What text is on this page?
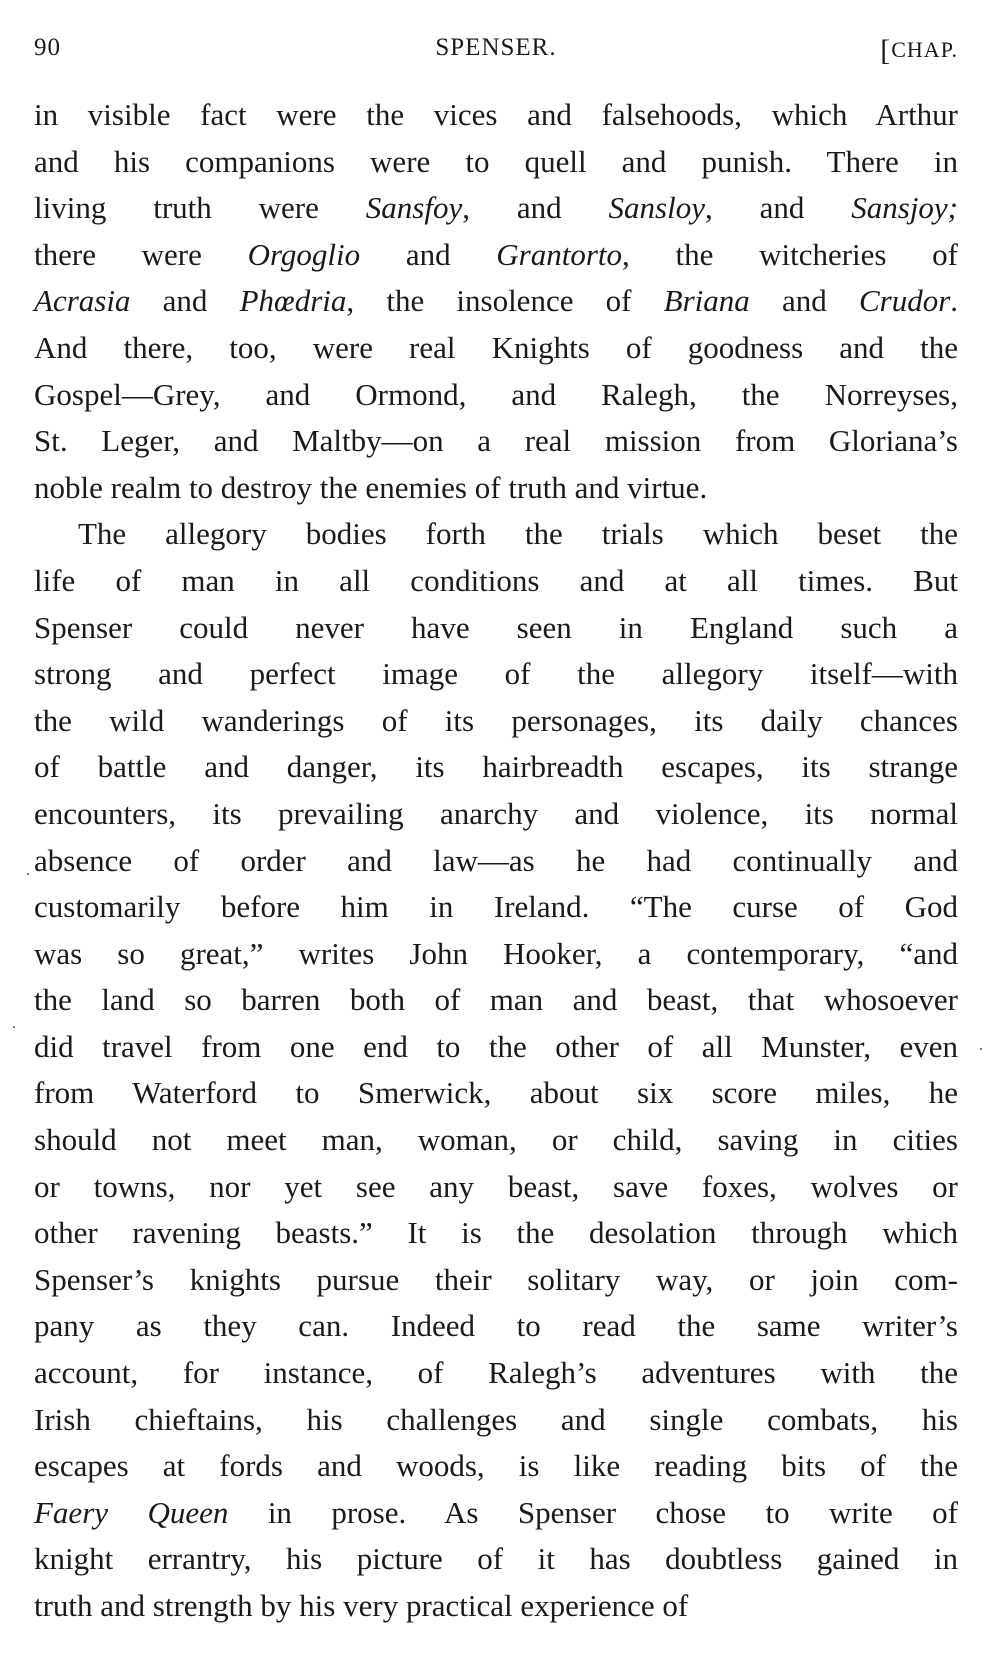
90	SPENSER.	[CHAP.

in visible fact were the vices and falsehoods, which Arthur
and his companions were to quell and punish. There in
living truth were Sansfoy, and Sansloy, and Sansjoy;
there were Orgoglio and Grantorto, the witcheries of
Acrasia and Phœdria, the insolence of Briana and Crudor.
And there, too, were real Knights of goodness and the
Gospel—Grey, and Ormond, and Ralegh, the Norreyses,
St. Leger, and Maltby—on a real mission from Gloriana’s
noble realm to destroy the enemies of truth and virtue.

The allegory bodies forth the trials which beset the
life of man in all conditions and at all times. But
Spenser could never have seen in England such a
strong and perfect image of the allegory itself—with
the wild wanderings of its personages, its daily chances
of battle and danger, its hairbreadth escapes, its strange
encounters, its prevailing anarchy and violence, its normal
absence of order and law—as he had continually and
customarily before him in Ireland. “The curse of God
was so great,” writes John Hooker, a contemporary, “and
the land so barren both of man and beast, that whosoever
did travel from one end to the other of all Munster, even
from Waterford to Smerwick, about six score miles, he
should not meet man, woman, or child, saving in cities
or towns, nor yet see any beast, save foxes, wolves or
other ravening beasts.” It is the desolation through which
Spenser’s knights pursue their solitary way, or join com-
pany as they can. Indeed to read the same writer’s
account, for instance, of Ralegh’s adventures with the
Irish chieftains, his challenges and single combats, his
escapes at fords and woods, is like reading bits of the
Faery Queen in prose. As Spenser chose to write of
knight errantry, his picture of it has doubtless gained in
truth and strength by his very practical experience of
